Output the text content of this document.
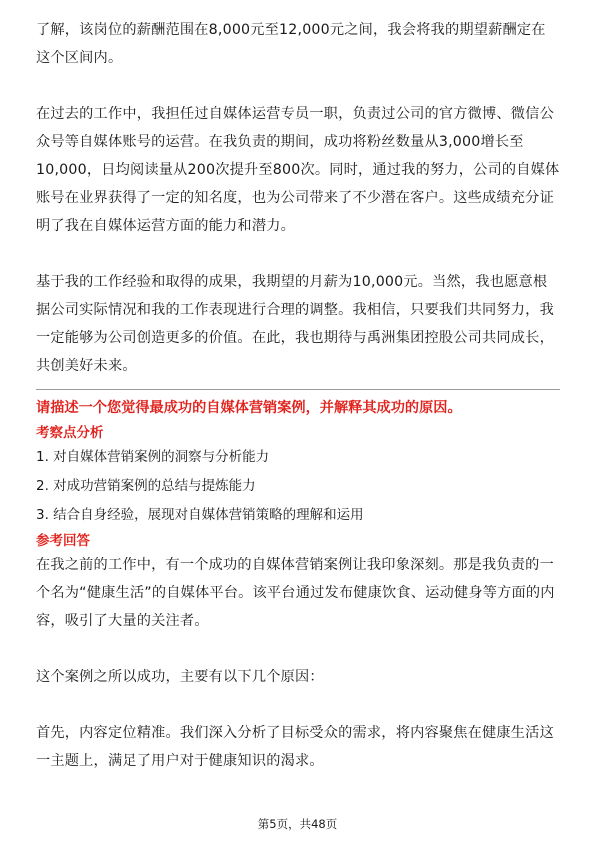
了解，该岗位的薪酬范围在8,000元至12,000元之间，我会将我的期望薪酬定在这个区间内。

在过去的工作中，我担任过自媒体运营专员一职，负责过公司的官方微博、微信公众号等自媒体账号的运营。在我负责的期间，成功将粉丝数量从3,000增长至10,000，日均阅读量从200次提升至800次。同时，通过我的努力，公司的自媒体账号在业界获得了一定的知名度，也为公司带来了不少潜在客户。这些成绩充分证明了我在自媒体运营方面的能力和潜力。

基于我的工作经验和取得的成果，我期望的月薪为10,000元。当然，我也愿意根据公司实际情况和我的工作表现进行合理的调整。我相信，只要我们共同努力，我一定能够为公司创造更多的价值。在此，我也期待与禹洲集团控股公司共同成长，共创美好未来。

请描述一个您觉得最成功的自媒体营销案例，并解释其成功的原因。

考察点分析

1. 对自媒体营销案例的洞察与分析能力
2. 对成功营销案例的总结与提炼能力
3. 结合自身经验，展现对自媒体营销策略的理解和运用

参考回答

在我之前的工作中，有一个成功的自媒体营销案例让我印象深刻。那是我负责的一个名为“健康生活”的自媒体平台。该平台通过发布健康饮食、运动健身等方面的内容，吸引了大量的关注者。

这个案例之所以成功，主要有以下几个原因：

首先，内容定位精准。我们深入分析了目标受众的需求，将内容聚焦在健康生活这一主题上，满足了用户对于健康知识的渴求。

第5页，共48页
